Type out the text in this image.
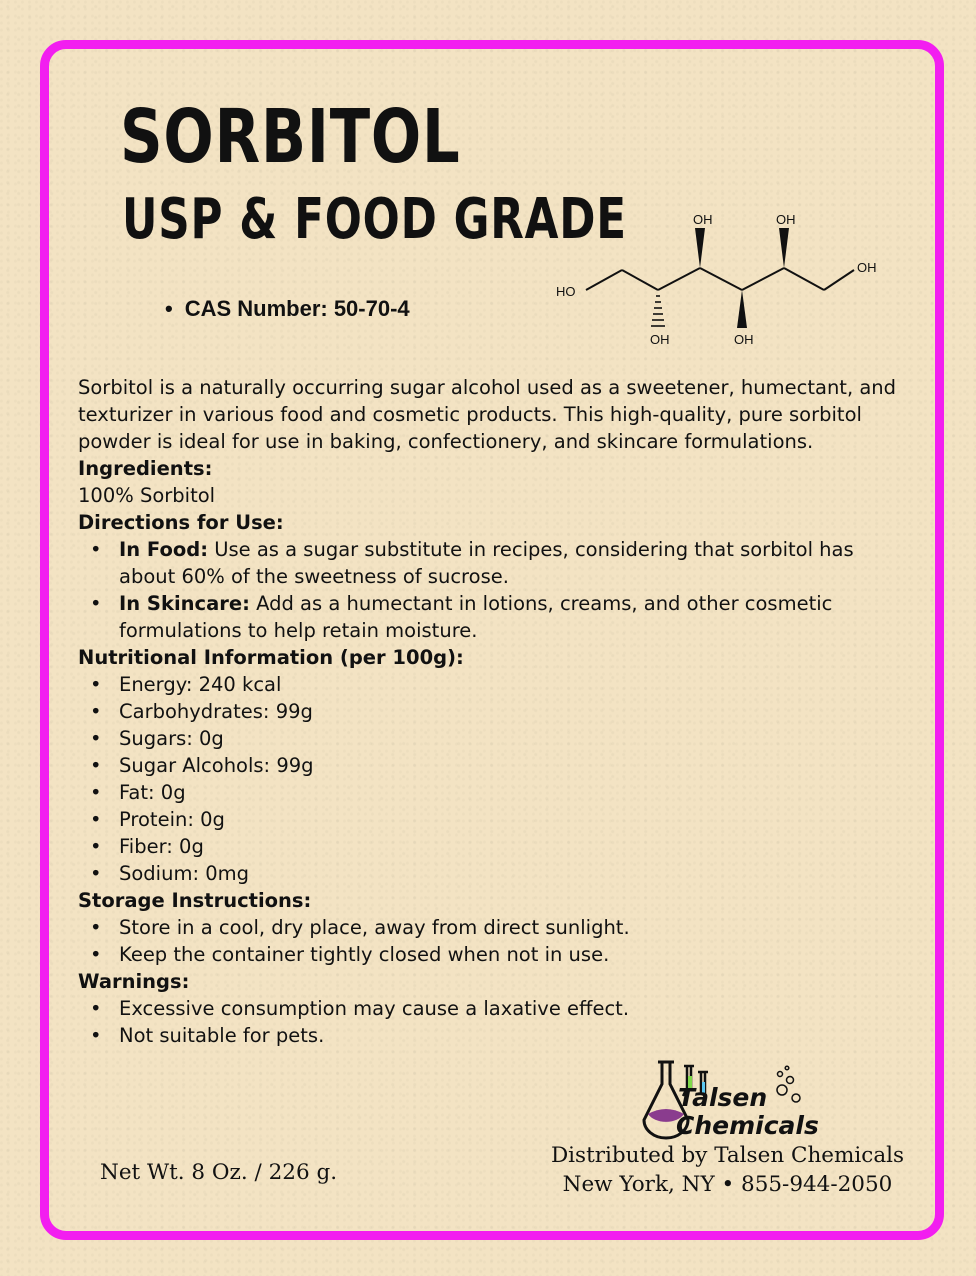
SORBITOL
USP & FOOD GRADE

• CAS Number: 50-70-4

HO
OH	OH
OH
OH	OH

Sorbitol is a naturally occurring sugar alcohol used as a sweetener, humectant, and texturizer in various food and cosmetic products. This high-quality, pure sorbitol powder is ideal for use in baking, confectionery, and skincare formulations.

Ingredients:

100% Sorbitol

Directions for Use:

• In Food: Use as a sugar substitute in recipes, considering that sorbitol has about 60% of the sweetness of sucrose.
• In Skincare: Add as a humectant in lotions, creams, and other cosmetic formulations to help retain moisture.

Nutritional Information (per 100g):

• Energy: 240 kcal
• Carbohydrates: 99g
• Sugars: 0g
• Sugar Alcohols: 99g
• Fat: 0g
• Protein: 0g
• Fiber: 0g
• Sodium: 0mg

Storage Instructions:

• Store in a cool, dry place, away from direct sunlight.
• Keep the container tightly closed when not in use.

Warnings:

• Excessive consumption may cause a laxative effect.
• Not suitable for pets.
Talsen
Chemicals
Distributed by Talsen Chemicals
New York, NY • 855-944-2050
Net Wt. 8 Oz. / 226 g.
